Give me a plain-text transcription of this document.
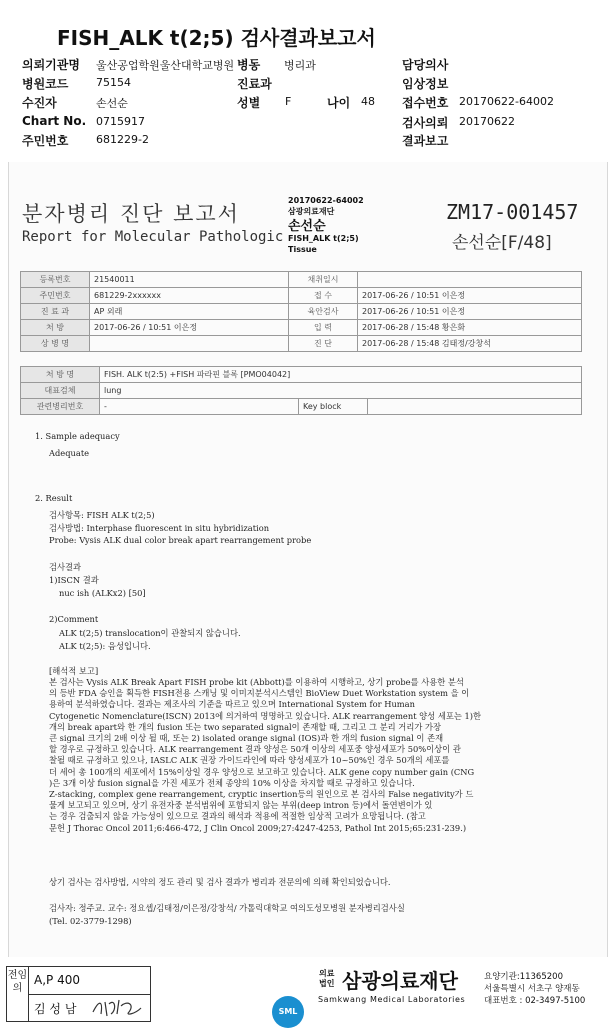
FISH_ALK t(2;5) 검사결과보고서
의뢰기관명 울산공업학원울산대학교병원 병동 병리과	담당의사
병원코드	75154	진료과	임상정보
수진자	손선순	성별 F	나이 48 접수번호 20170622-64002
Chart No. 0715917	검사의뢰 20170622
주민번호	681229-2	결과보고
분자병리 진단 보고서
Report for Molecular Pathologic
20170622-64002
삼광의료재단
손선순
FISH_ALK t(2;5)
Tissue
ZM17-001457
손선순[F/48]
등록번호	21540011	채취일시	
주민번호	681229-2xxxxxx	접 수	2017-06-26 / 10:51 이은정
진 료 과	AP 외래	육안검사	2017-06-26 / 10:51 이은정
처 방	2017-06-26 / 10:51 이은정	입 력	2017-06-28 / 15:48 황은화
상 병 명		진 단	2017-06-28 / 15:48 김태정/강창석
처 방 명	FISH. ALK t(2:5) +FISH 파라핀 블록 [PMO04042]		
대표검체	lung		
관련병리번호	-	Key block	
1. Sample adequacy
Adequate
2. Result
검사항목: FISH ALK t(2;5)
검사방법: Interphase fluorescent in situ hybridization
Probe: Vysis ALK dual color break apart rearrangement probe
검사결과
1)ISCN 결과
nuc ish (ALKx2) [50]
2)Comment
ALK t(2;5) translocation이 관찰되지 않습니다.
ALK t(2;5): 음성입니다.
[해석적 보고]
본 검사는 Vysis ALK Break Apart FISH probe kit (Abbott)를 이용하여 시행하고, 상기 probe를 사용한 분석
의 등반 FDA 승인을 획득한 FISH전용 스캐닝 및 이미지분석시스템인 BioView Duet Workstation system 을 이
용하여 분석하였습니다. 결과는 제조사의 기준을 따르고 있으며 International System for Human
Cytogenetic Nomenclature(ISCN) 2013에 의거하여 명명하고 있습니다. ALK rearrangement 양성 세포는 1)한
개의 break apart와 한 개의 fusion 또는 two separated signal이 존재할 때, 그리고 그 분리 거리가 가장
큰 signal 크기의 2배 이상 될 때, 또는 2) isolated orange signal (IOS)과 한 개의 fusion signal 이 존재
할 경우로 규정하고 있습니다. ALK rearrangement 결과 양성은 50개 이상의 세포중 양성세포가 50%이상이 관
찰될 때로 규정하고 있으나, IASLC ALK 권장 가이드라인에 따라 양성세포가 10~50%인 경우 50개의 세포를
더 세어 총 100개의 세포에서 15%이상일 경우 양성으로 보고하고 있습니다. ALK gene copy number gain (CNG
)은 3개 이상 fusion signal을 가진 세포가 전체 종양의 10% 이상을 차지할 때로 규정하고 있습니다.
Z-stacking, complex gene rearrangement, cryptic insertion등의 원인으로 본 검사의 False negativity가 드
물게 보고되고 있으며, 상기 유전자중 분석범위에 포함되지 않는 부위(deep intron 등)에서 돌연변이가 있
는 경우 검출되지 않을 가능성이 있으므로 결과의 해석과 적용에 적절한 임상적 고려가 요망됩니다. (참고
문헌 J Thorac Oncol 2011;6:466-472, J Clin Oncol 2009;27:4247-4253, Pathol Int 2015;65:231-239.)
상기 검사는 검사방법, 시약의 정도 관리 및 검사 결과가 병리과 전문의에 의해 확인되었습니다.
검사자: 정주교. 교수: 정요셉/김태정/이은정/강창석/ 가톨릭대학교 여의도성모병원 분자병리검사실
(Tel. 02-3779-1298)
전임의
A,P 400
김 성 남	SML
의료
법인 삼광의료재단
Samkwang Medical Laboratories
요양기관:11365200
서울특별시 서초구 양재동
대표번호 : 02-3497-5100
